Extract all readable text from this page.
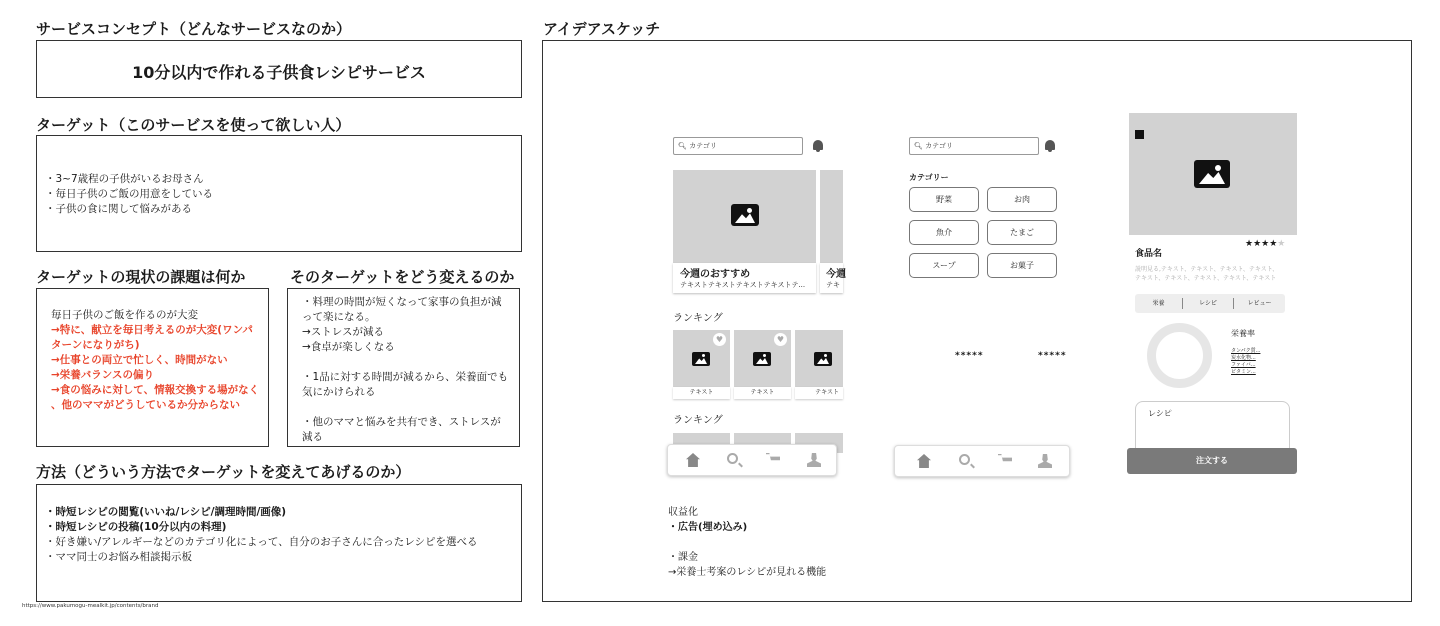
サービスコンセプト（どんなサービスなのか）
10分以内で作れる子供食レシピサービス
ターゲット（このサービスを使って欲しい人）
・3~7歳程の子供がいるお母さん
・毎日子供のご飯の用意をしている
・子供の食に関して悩みがある
ターゲットの現状の課題は何か
毎日子供のご飯を作るのが大変
→特に、献立を毎日考えるのが大変(ワンパ
ターンになりがち)
→仕事との両立で忙しく、時間がない
→栄養バランスの偏り
→食の悩みに対して、情報交換する場がなく
、他のママがどうしているか分からない
そのターゲットをどう変えるのか
・料理の時間が短くなって家事の負担が減
って楽になる。
→ストレスが減る
→食卓が楽しくなる
・1品に対する時間が減るから、栄養面でも
気にかけられる
・他のママと悩みを共有でき、ストレスが
減る
方法（どういう方法でターゲットを変えてあげるのか）
・時短レシピの閲覧(いいね/レシピ/調理時間/画像)
・時短レシピの投稿(10分以内の料理)
・好き嫌い/アレルギーなどのカテゴリ化によって、自分のお子さんに合ったレシピを選べる
・ママ同士のお悩み相談掲示板
https://www.pakumogu-mealkit.jp/contents/brand
アイデアスケッチ
🔍︎ カテゴリ
今週のおすすめ
テキストテキストテキストテキストテ...
今週
テキ
ランキング
♥
テキスト
♥
テキスト	テキスト
ランキング
🔍︎ カテゴリ
カテゴリー
野菜	お肉
魚介	たまご
スープ	お菓子
*****	*****
食品名
★★★★★
説明見る,テキスト、テキスト、テキスト、テキスト、
テキスト、テキスト、テキスト、テキスト、テキスト
栄養	レシピ	レビュー
栄養率
タンパク質...
炭水化物...
ファイバ...
ビタミン...
レシピ
注文する
収益化
・広告(埋め込み)
・課金
→栄養士考案のレシピが見れる機能
